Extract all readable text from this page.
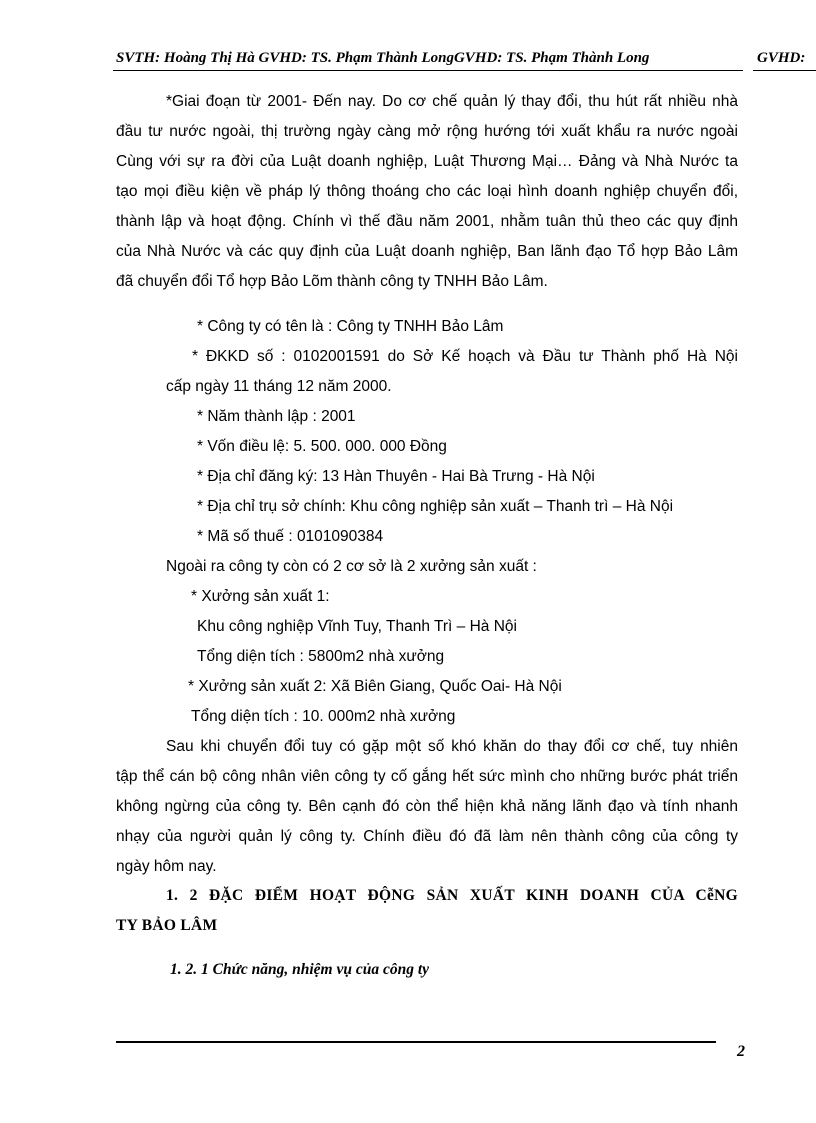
SVTH: Hoàng Thị Hà GVHD: TS. Phạm Thành LongGVHD: TS. Phạm Thành Long	GVHD:
*Giai đoạn từ 2001- Đến nay. Do cơ chế quản lý thay đổi, thu hút rất nhiều nhà
đầu tư nước ngoài, thị trường ngày càng mở rộng hướng tới xuất khẩu ra nước ngoài
Cùng với sự ra đời của Luật doanh nghiệp, Luật Thương Mại… Đảng và Nhà Nước ta
tạo mọi điều kiện về pháp lý thông thoáng cho các loại hình doanh nghiệp chuyển đổi,
thành lập và hoạt động. Chính vì thế đầu năm 2001, nhằm tuân thủ theo các quy định
của Nhà Nước và các quy định của Luật doanh nghiệp, Ban lãnh đạo Tổ hợp Bảo Lâm
đã chuyển đổi Tổ hợp Bảo Lõm thành công ty TNHH Bảo Lâm.
* Công ty có tên là : Công ty TNHH Bảo Lâm
* ĐKKD số : 0102001591 do Sở Kế hoạch và Đầu tư Thành phố Hà Nội
cấp ngày 11 tháng 12 năm 2000.
* Năm thành lập : 2001
* Vốn điều lệ: 5. 500. 000. 000 Đồng
* Địa chỉ đăng ký: 13 Hàn Thuyên - Hai Bà Trưng - Hà Nội
* Địa chỉ trụ sở chính: Khu công nghiệp sản xuất – Thanh trì – Hà Nội
* Mã số thuế : 0101090384
Ngoài ra công ty còn có 2 cơ sở là 2 xưởng sản xuất :
* Xưởng sản xuất 1:
Khu công nghiệp Vĩnh Tuy, Thanh Trì – Hà Nội
Tổng diện tích : 5800m2 nhà xưởng
* Xưởng sản xuất 2: Xã Biên Giang, Quốc Oai- Hà Nội
Tổng diện tích : 10. 000m2 nhà xưởng
Sau khi chuyển đổi tuy có gặp một số khó khăn do thay đổi cơ chế, tuy nhiên
tập thể cán bộ công nhân viên công ty cố gắng hết sức mình cho những bước phát triển
không ngừng của công ty. Bên cạnh đó còn thể hiện khả năng lãnh đạo và tính nhanh
nhạy của người quản lý công ty. Chính điều đó đã làm nên thành công của công ty
ngày hôm nay.
1. 2 ĐẶC ĐIỂM HOẠT ĐỘNG SẢN XUẤT KINH DOANH CỦA CễNG
TY BẢO LÂM
1. 2. 1 Chức năng, nhiệm vụ của công ty
2
